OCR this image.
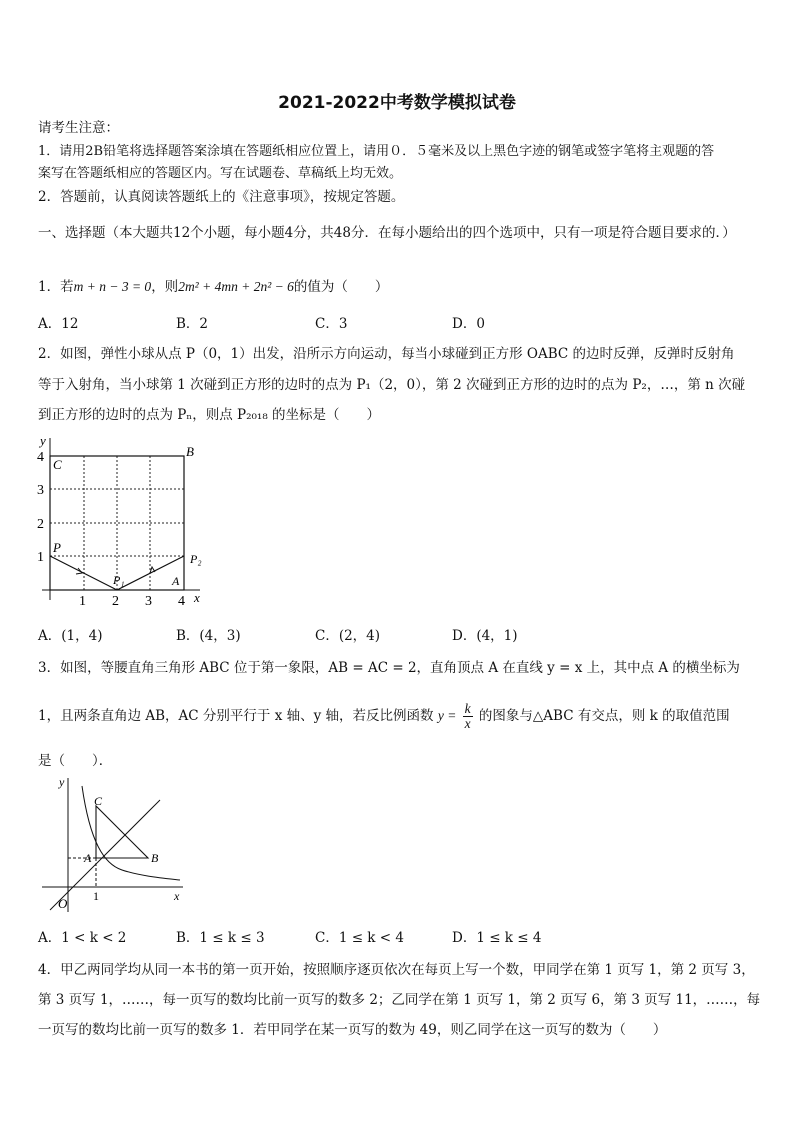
2021-2022中考数学模拟试卷
请考生注意：
1．请用2B铅笔将选择题答案涂填在答题纸相应位置上，请用０．５毫米及以上黑色字迹的钢笔或签字笔将主观题的答
案写在答题纸相应的答题区内。写在试题卷、草稿纸上均无效。
2．答题前，认真阅读答题纸上的《注意事项》，按规定答题。
一、选择题（本大题共12个小题，每小题4分，共48分．在每小题给出的四个选项中，只有一项是符合题目要求的．）
1．若m + n − 3 = 0，则2m² + 4mn + 2n² − 6的值为（　　）
A．12	B．2	C．3	D．0
2．如图，弹性小球从点 P（0，1）出发，沿所示方向运动，每当小球碰到正方形 OABC 的边时反弹，反弹时反射角
等于入射角，当小球第 1 次碰到正方形的边时的点为 P₁（2，0），第 2 次碰到正方形的边时的点为 P₂，…，第 n 次碰
到正方形的边时的点为 Pₙ，则点 P₂₀₁₈ 的坐标是（　　）
y
x
4
3
2
1
1 2 3 4
C
B
P
P₁
P₂
A
A．(1，4)	B．(4，3)	C．(2，4)	D．(4，1)
3．如图，等腰直角三角形 ABC 位于第一象限，AB = AC = 2，直角顶点 A 在直线 y = x 上，其中点 A 的横坐标为
1，且两条直角边 AB，AC 分别平行于 x 轴、y 轴，若反比例函数 $y = \frac{k}{x}$ 的图象与△ABC 有交点，则 k 的取值范围
是（　　）．
y
x
O 1
C
A	B
A．1 < k < 2	B．1 ≤ k ≤ 3	C．1 ≤ k < 4	D．1 ≤ k ≤ 4
4．甲乙两同学均从同一本书的第一页开始，按照顺序逐页依次在每页上写一个数，甲同学在第 1 页写 1，第 2 页写 3，
第 3 页写 1，……，每一页写的数均比前一页写的数多 2；乙同学在第 1 页写 1，第 2 页写 6，第 3 页写 11，……，每
一页写的数均比前一页写的数多 1．若甲同学在某一页写的数为 49，则乙同学在这一页写的数为（　　）
